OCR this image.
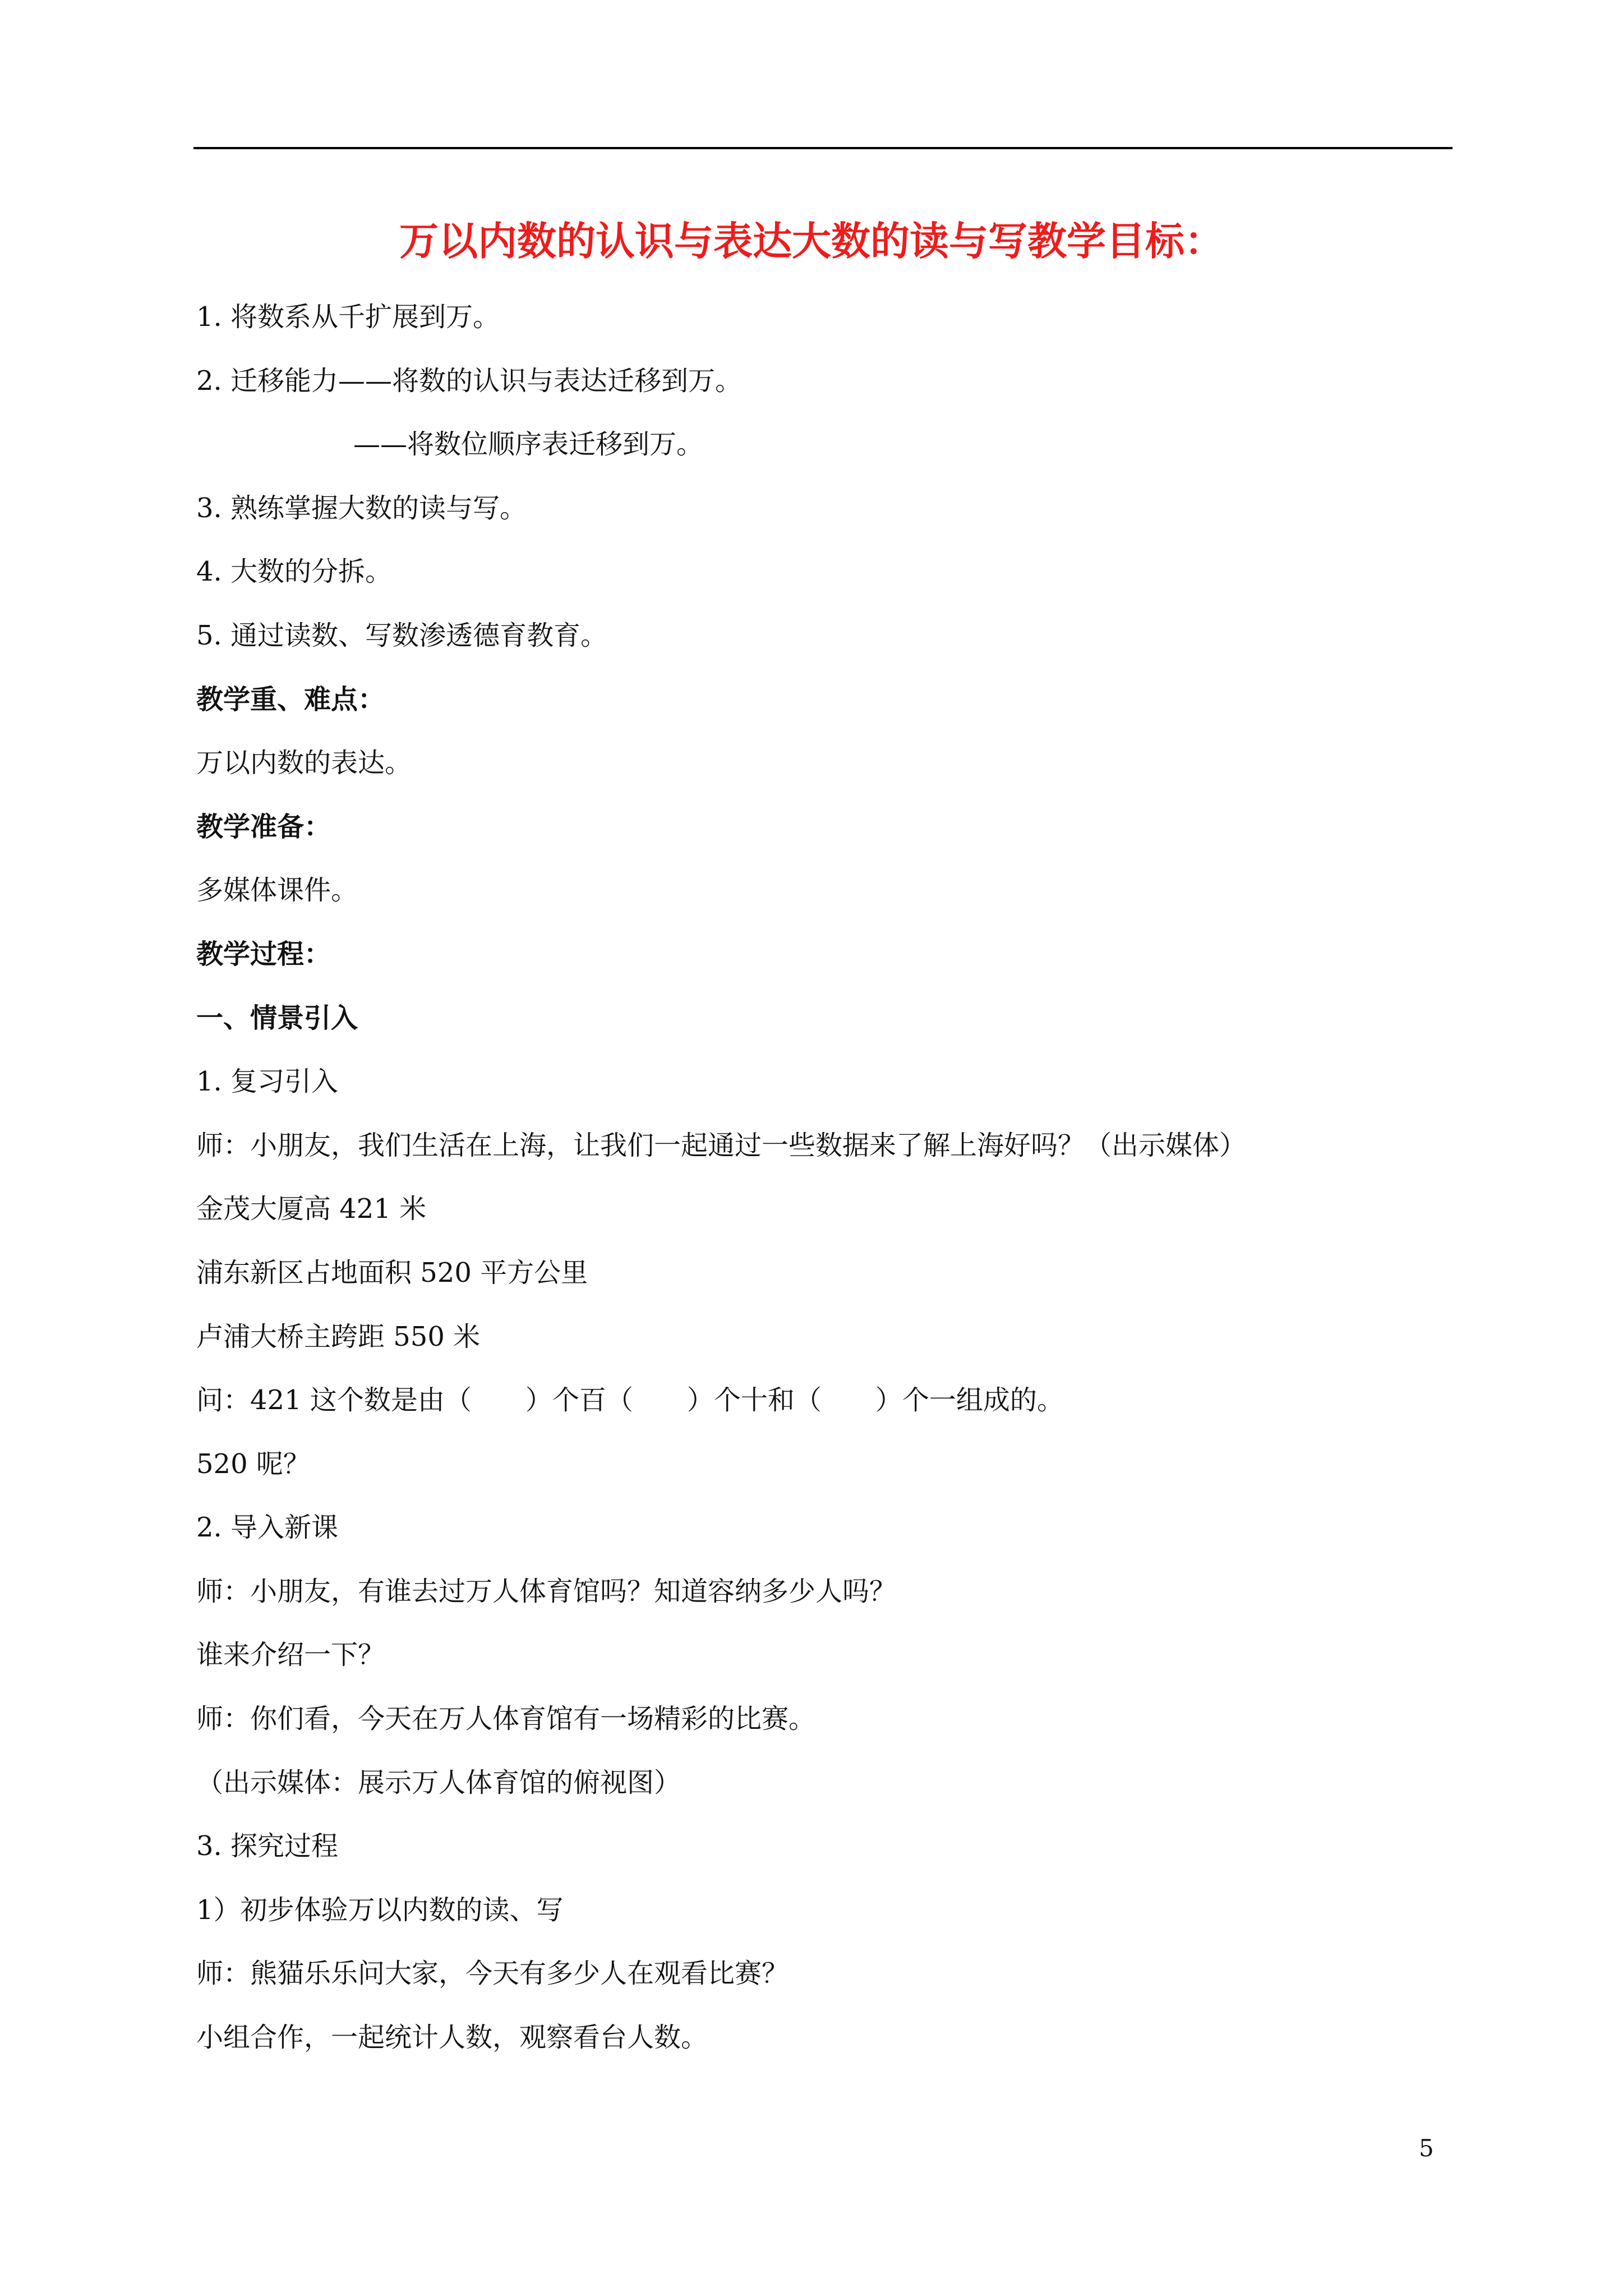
万以内数的认识与表达大数的读与写教学目标：
1. 将数系从千扩展到万。
2. 迁移能力——将数的认识与表达迁移到万。
——将数位顺序表迁移到万。
3. 熟练掌握大数的读与写。
4. 大数的分拆。
5. 通过读数、写数渗透德育教育。
教学重、难点：
万以内数的表达。
教学准备：
多媒体课件。
教学过程：
一、情景引入
1. 复习引入
师：小朋友，我们生活在上海，让我们一起通过一些数据来了解上海好吗？（出示媒体）
金茂大厦高 421 米
浦东新区占地面积 520 平方公里
卢浦大桥主跨距 550 米
问：421 这个数是由（　　）个百（　　）个十和（　　）个一组成的。
520 呢？
2. 导入新课
师：小朋友，有谁去过万人体育馆吗？知道容纳多少人吗？
谁来介绍一下？
师：你们看，今天在万人体育馆有一场精彩的比赛。
（出示媒体：展示万人体育馆的俯视图）
3. 探究过程
1）初步体验万以内数的读、写
师：熊猫乐乐问大家，今天有多少人在观看比赛？
小组合作，一起统计人数，观察看台人数。
5
